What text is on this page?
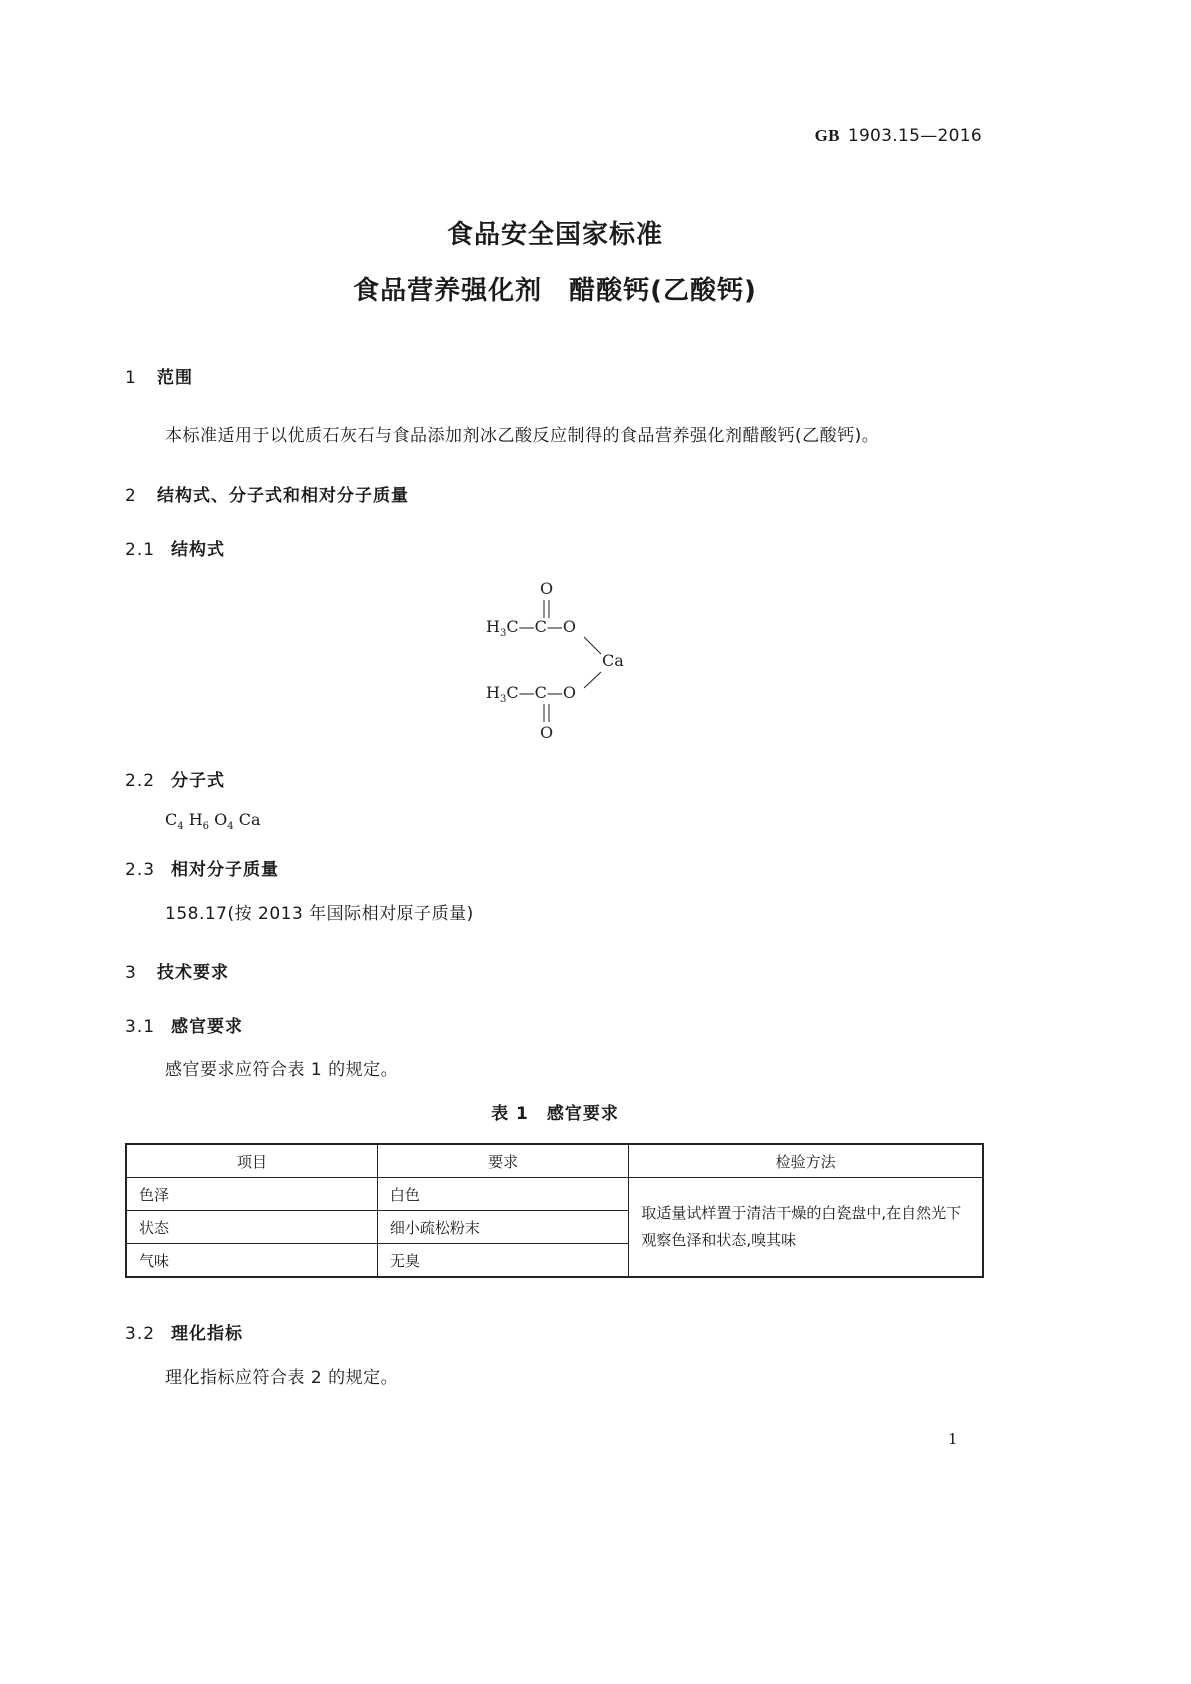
GB 1903.15—2016
食品安全国家标准
食品营养强化剂　醋酸钙(乙酸钙)
1 范围
本标准适用于以优质石灰石与食品添加剂冰乙酸反应制得的食品营养强化剂醋酸钙(乙酸钙)。
2 结构式、分子式和相对分子质量
2.1 结构式
O
$H_3C—C—O$
Ca
$H_3C—C—O$
O
2.2 分子式
$C_4$ $H_6$ $O_4$ Ca
2.3 相对分子质量
158.17(按 2013 年国际相对原子质量)
3 技术要求
3.1 感官要求
感官要求应符合表 1 的规定。
表 1 感官要求
项目	要求	检验方法
色泽	白色	取适量试样置于清洁干燥的白瓷盘中,在自然光下观察色泽和状态,嗅其味
状态	细小疏松粉末	
气味	无臭	
3.2 理化指标
理化指标应符合表 2 的规定。
1
